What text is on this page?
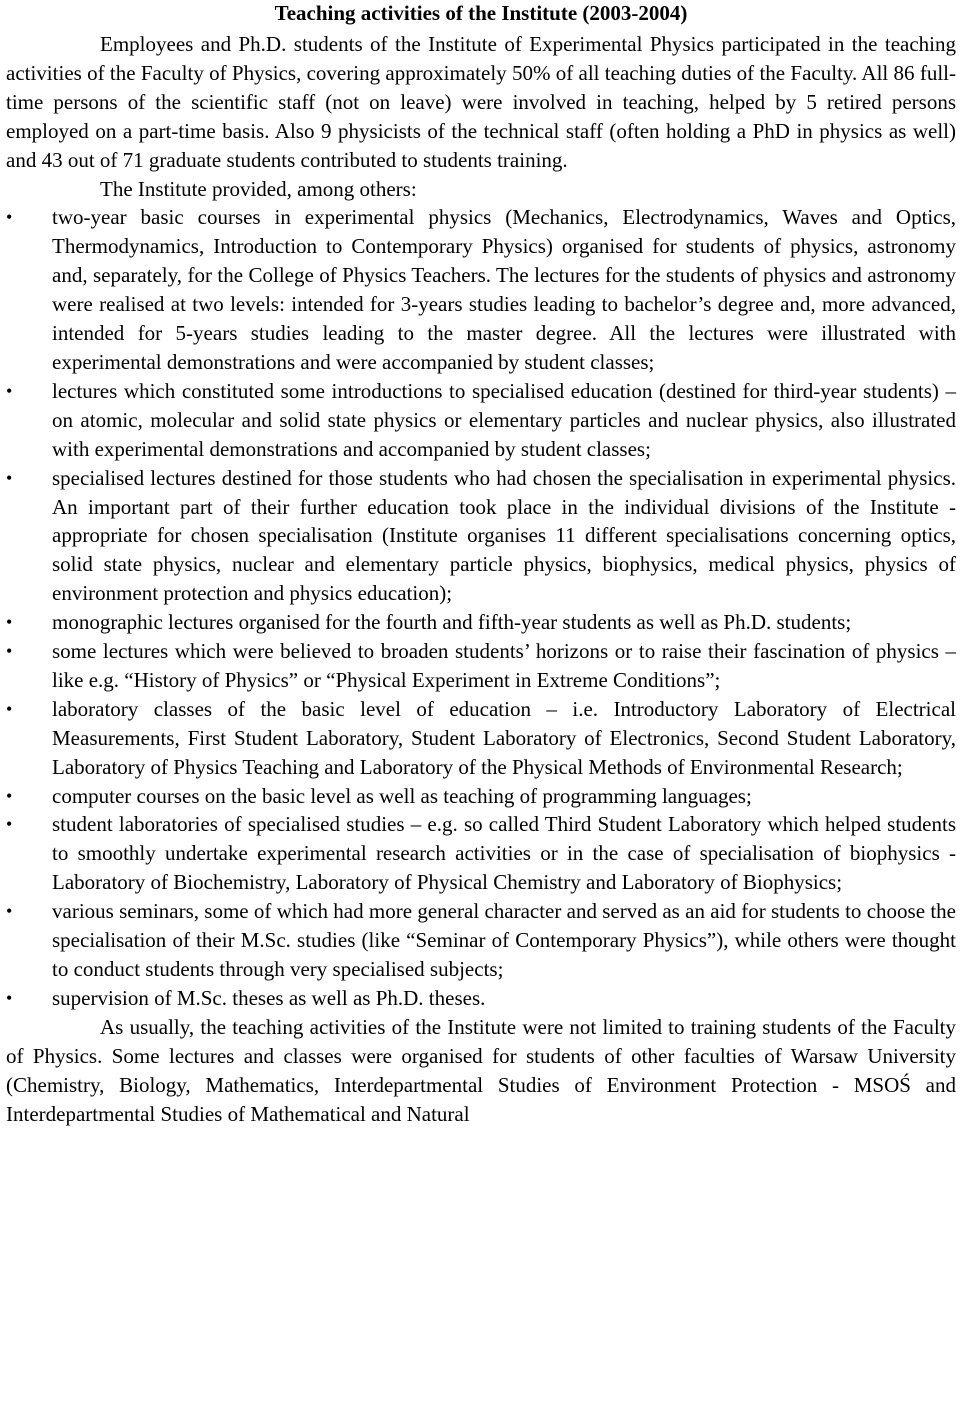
Teaching activities of the Institute (2003-2004)

Employees and Ph.D. students of the Institute of Experimental Physics participated in the teaching activities of the Faculty of Physics, covering approximately 50% of all teaching duties of the Faculty. All 86 full-time persons of the scientific staff (not on leave) were involved in teaching, helped by 5 retired persons employed on a part-time basis. Also 9 physicists of the technical staff (often holding a PhD in physics as well) and 43 out of 71 graduate students contributed to students training.

The Institute provided, among others:

•	two-year basic courses in experimental physics (Mechanics, Electrodynamics, Waves and Optics, Thermodynamics, Introduction to Contemporary Physics) organised for students of physics, astronomy and, separately, for the College of Physics Teachers. The lectures for the students of physics and astronomy were realised at two levels: intended for 3-years studies leading to bachelor’s degree and, more advanced, intended for 5-years studies leading to the master degree. All the lectures were illustrated with experimental demonstrations and were accompanied by student classes;
•	lectures which constituted some introductions to specialised education (destined for third-year students) – on atomic, molecular and solid state physics or elementary particles and nuclear physics, also illustrated with experimental demonstrations and accompanied by student classes;
•	specialised lectures destined for those students who had chosen the specialisation in experimental physics. An important part of their further education took place in the individual divisions of the Institute - appropriate for chosen specialisation (Institute organises 11 different specialisations concerning optics, solid state physics, nuclear and elementary particle physics, biophysics, medical physics, physics of environment protection and physics education);
•	monographic lectures organised for the fourth and fifth-year students as well as Ph.D. students;
•	some lectures which were believed to broaden students’ horizons or to raise their fascination of physics – like e.g. “History of Physics” or “Physical Experiment in Extreme Conditions”;
•	laboratory classes of the basic level of education – i.e. Introductory Laboratory of Electrical Measurements, First Student Laboratory, Student Laboratory of Electronics, Second Student Laboratory, Laboratory of Physics Teaching and Laboratory of the Physical Methods of Environmental Research;
•	computer courses on the basic level as well as teaching of programming languages;
•	student laboratories of specialised studies – e.g. so called Third Student Laboratory which helped students to smoothly undertake experimental research activities or in the case of specialisation of biophysics - Laboratory of Biochemistry, Laboratory of Physical Chemistry and Laboratory of Biophysics;
•	various seminars, some of which had more general character and served as an aid for students to choose the specialisation of their M.Sc. studies (like “Seminar of Contemporary Physics”), while others were thought to conduct students through very specialised subjects;
•	supervision of M.Sc. theses as well as Ph.D. theses.

As usually, the teaching activities of the Institute were not limited to training students of the Faculty of Physics. Some lectures and classes were organised for students of other faculties of Warsaw University (Chemistry, Biology, Mathematics, Interdepartmental Studies of Environment Protection - MSOŚ and Interdepartmental Studies of Mathematical and Natural
